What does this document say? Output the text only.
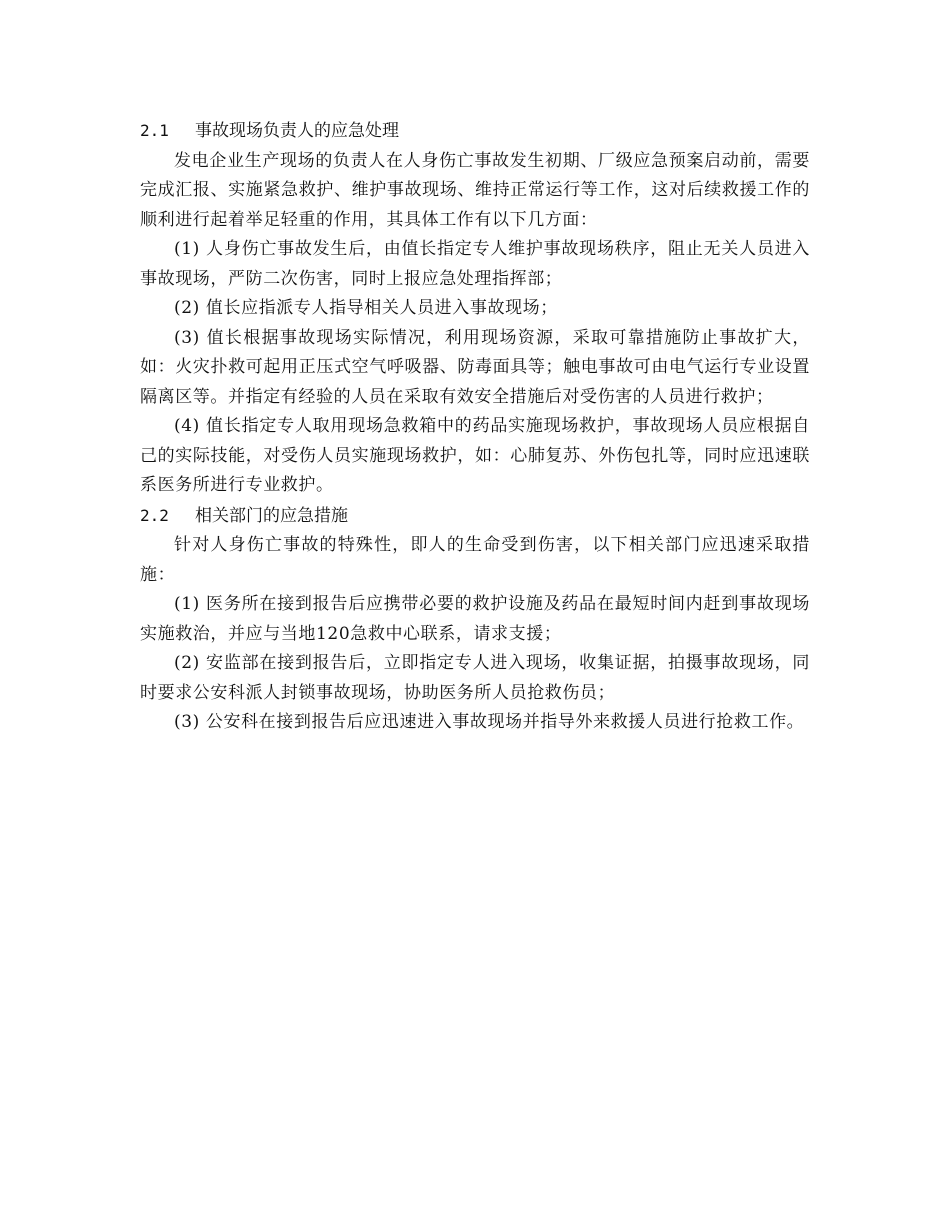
2.1	事故现场负责人的应急处理

发电企业生产现场的负责人在人身伤亡事故发生初期、厂级应急预案启动前，需要完成汇报、实施紧急救护、维护事故现场、维持正常运行等工作，这对后续救援工作的顺利进行起着举足轻重的作用，其具体工作有以下几方面：

(1) 人身伤亡事故发生后，由值长指定专人维护事故现场秩序，阻止无关人员进入事故现场，严防二次伤害，同时上报应急处理指挥部；

(2) 值长应指派专人指导相关人员进入事故现场；

(3) 值长根据事故现场实际情况，利用现场资源，采取可靠措施防止事故扩大，如：火灾扑救可起用正压式空气呼吸器、防毒面具等；触电事故可由电气运行专业设置隔离区等。并指定有经验的人员在采取有效安全措施后对受伤害的人员进行救护；

(4) 值长指定专人取用现场急救箱中的药品实施现场救护，事故现场人员应根据自己的实际技能，对受伤人员实施现场救护，如：心肺复苏、外伤包扎等，同时应迅速联系医务所进行专业救护。

2.2	相关部门的应急措施

针对人身伤亡事故的特殊性，即人的生命受到伤害，以下相关部门应迅速采取措施：

(1) 医务所在接到报告后应携带必要的救护设施及药品在最短时间内赶到事故现场实施救治，并应与当地120急救中心联系，请求支援；

(2) 安监部在接到报告后，立即指定专人进入现场，收集证据，拍摄事故现场，同时要求公安科派人封锁事故现场，协助医务所人员抢救伤员；

(3) 公安科在接到报告后应迅速进入事故现场并指导外来救援人员进行抢救工作。
